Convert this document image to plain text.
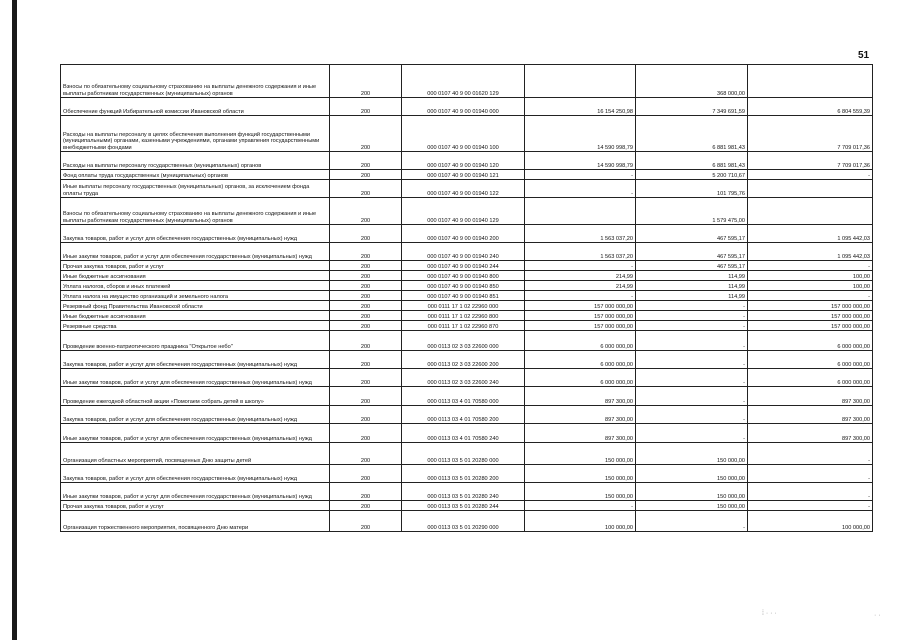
51
Взносы по обязательному социальному страхованию на выплаты денежного содержания и иные выплаты работникам государственных (муниципальных) органов	200	000 0107 40 9 00 01620 129		368 000,00	
Обеспечение функций Избирательной комиссии Ивановской области	200	000 0107 40 9 00 01940 000	16 154 250,98	7 349 691,59	6 804 559,39
Расходы на выплаты персоналу в целях обеспечения выполнения функций государственными (муниципальными) органами, казенными учреждениями, органами управления государственными внебюджетными фондами	200	000 0107 40 9 00 01940 100	14 590 998,79	6 881 981,43	7 709 017,36
Расходы на выплаты персоналу государственных (муниципальных) органов	200	000 0107 40 9 00 01940 120	14 590 998,79	6 881 981,43	7 709 017,36
Фонд оплаты труда государственных (муниципальных) органов	200	000 0107 40 9 00 01940 121	-	5 200 710,67	-
Иные выплаты персоналу государственных (муниципальных) органов, за исключением фонда оплаты труда	200	000 0107 40 9 00 01940 122	-	101 795,76	
Взносы по обязательному социальному страхованию на выплаты денежного содержания и иные выплаты работникам государственных (муниципальных) органов	200	000 0107 40 9 00 01940 129		1 579 475,00	
Закупка товаров, работ и услуг для обеспечения государственных (муниципальных) нужд	200	000 0107 40 9 00 01940 200	1 563 037,20	467 595,17	1 095 442,03
Иные закупки товаров, работ и услуг для обеспечения государственных (муниципальных) нужд	200	000 0107 40 9 00 01940 240	1 563 037,20	467 595,17	1 095 442,03
Прочая закупка товаров, работ и услуг	200	000 0107 40 9 00 01940 244	-	467 595,17	-
Иные бюджетные ассигнования	200	000 0107 40 9 00 01940 800	214,99	114,99	100,00
Уплата налогов, сборов и иных платежей	200	000 0107 40 9 00 01940 850	214,99	114,99	100,00
Уплата налога на имущество организаций и земельного налога	200	000 0107 40 9 00 01940 851	-	114,99	-
Резервный фонд Правительства Ивановской области	200	000 0111 17 1 02 22960 000	157 000 000,00	-	157 000 000,00
Иные бюджетные ассигнования	200	000 0111 17 1 02 22960 800	157 000 000,00	-	157 000 000,00
Резервные средства	200	000 0111 17 1 02 22960 870	157 000 000,00	-	157 000 000,00
Проведение военно-патриотического праздника "Открытое небо"	200	000 0113 02 3 03 22600 000	6 000 000,00	-	6 000 000,00
Закупка товаров, работ и услуг для обеспечения государственных (муниципальных) нужд	200	000 0113 02 3 03 22600 200	6 000 000,00	-	6 000 000,00
Иные закупки товаров, работ и услуг для обеспечения государственных (муниципальных) нужд	200	000 0113 02 3 03 22600 240	6 000 000,00	-	6 000 000,00
Проведение ежегодной областной акции «Помогаем собрать детей в школу»	200	000 0113 03 4 01 70580 000	897 300,00	-	897 300,00
Закупка товаров, работ и услуг для обеспечения государственных (муниципальных) нужд	200	000 0113 03 4 01 70580 200	897 300,00	-	897 300,00
Иные закупки товаров, работ и услуг для обеспечения государственных (муниципальных) нужд	200	000 0113 03 4 01 70580 240	897 300,00	-	897 300,00
Организация областных мероприятий, посвященных Дню защиты детей	200	000 0113 03 5 01 20280 000	150 000,00	150 000,00	-
Закупка товаров, работ и услуг для обеспечения государственных (муниципальных) нужд	200	000 0113 03 5 01 20280 200	150 000,00	150 000,00	-
Иные закупки товаров, работ и услуг для обеспечения государственных (муниципальных) нужд	200	000 0113 03 5 01 20280 240	150 000,00	150 000,00	-
Прочая закупка товаров, работ и услуг	200	000 0113 03 5 01 20280 244	-	150 000,00	-
Организация торжественного мероприятия, посвященного Дню матери	200	000 0113 03 5 01 20290 000	100 000,00	-	100 000,00
⁞ · · ·	· ·
